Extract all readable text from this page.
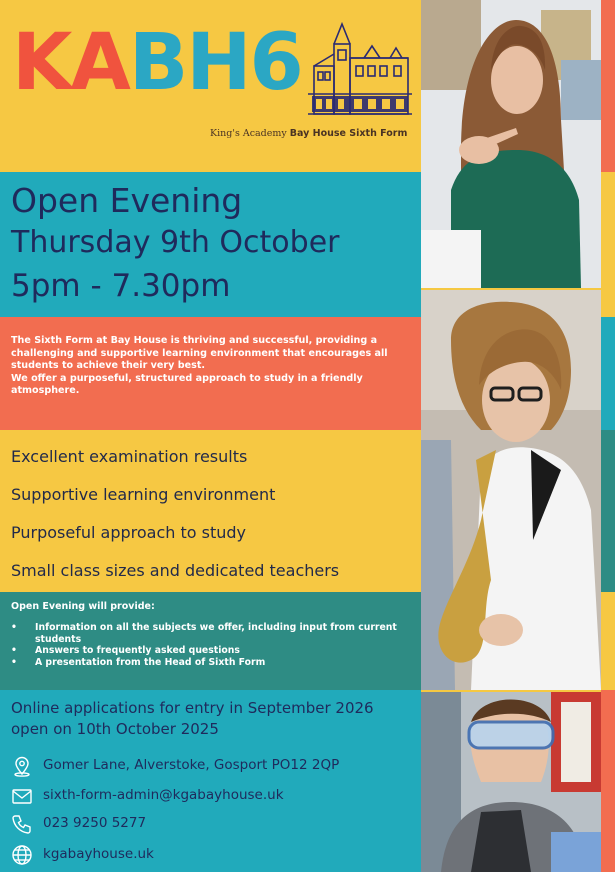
KABH6
King's Academy Bay House Sixth Form
Open Evening
Thursday 9th October
5pm - 7.30pm

The Sixth Form at Bay House is thriving and successful, providing a challenging and supportive learning environment that encourages all students to achieve their very best.

We offer a purposeful, structured approach to study in a friendly atmosphere.

Excellent examination results
Supportive learning environment
Purposeful approach to study
Small class sizes and dedicated teachers
Open Evening will provide:
• Information on all the subjects we offer, including input from current students
• Answers to frequently asked questions
• A presentation from the Head of Sixth Form

Online applications for entry in September 2026

open on 10th October 2025

Gomer Lane, Alverstoke, Gosport PO12 2QP
sixth-form-admin@kgabayhouse.uk
023 9250 5277
kgabayhouse.uk
